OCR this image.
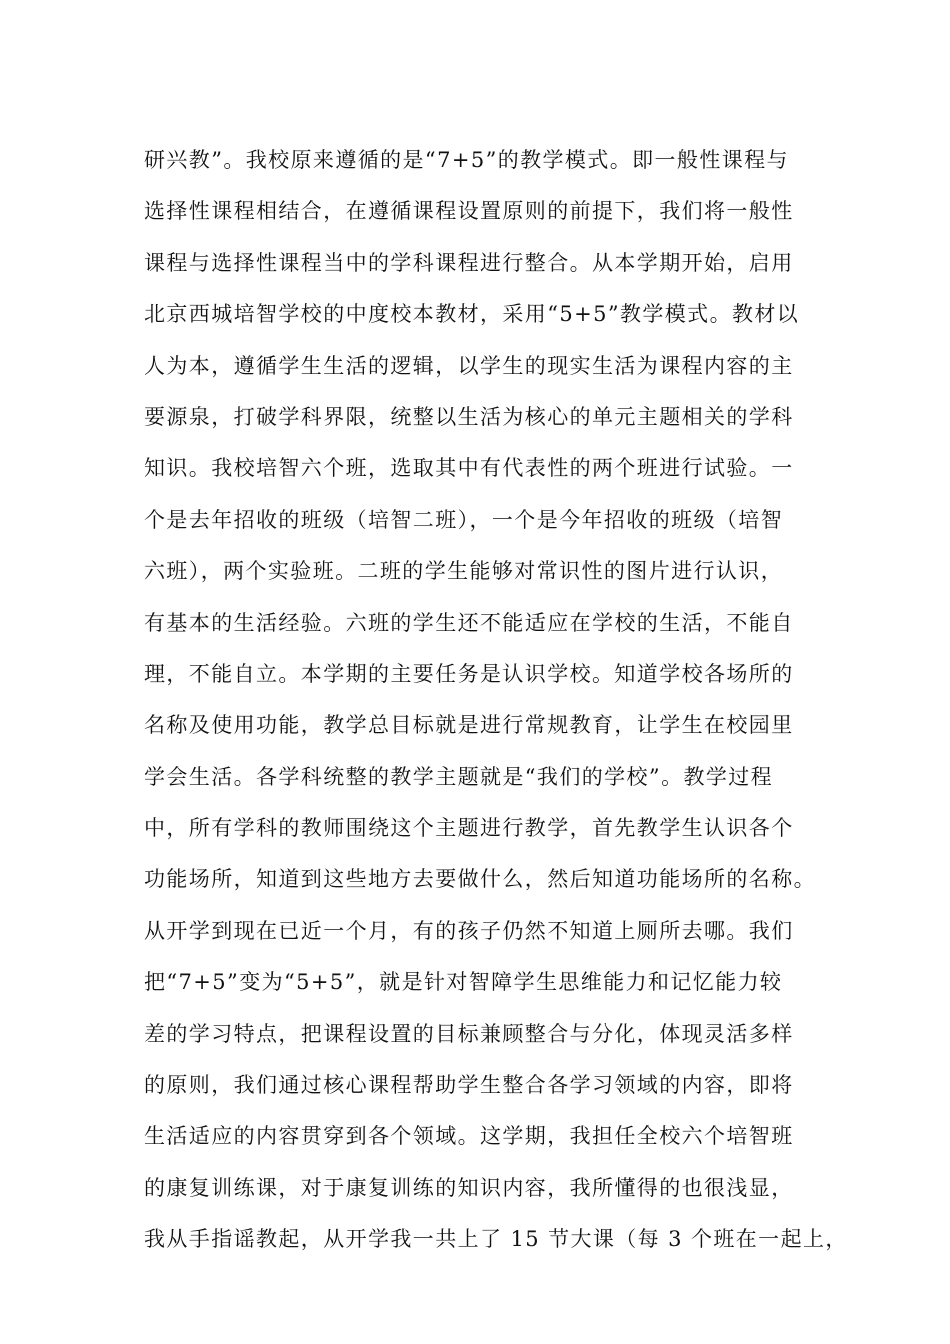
研兴教”。我校原来遵循的是“7+5”的教学模式。即一般性课程与
选择性课程相结合，在遵循课程设置原则的前提下，我们将一般性
课程与选择性课程当中的学科课程进行整合。从本学期开始，启用
北京西城培智学校的中度校本教材，采用“5+5”教学模式。教材以
人为本，遵循学生生活的逻辑，以学生的现实生活为课程内容的主
要源泉，打破学科界限，统整以生活为核心的单元主题相关的学科
知识。我校培智六个班，选取其中有代表性的两个班进行试验。一
个是去年招收的班级（培智二班），一个是今年招收的班级（培智
六班），两个实验班。二班的学生能够对常识性的图片进行认识，
有基本的生活经验。六班的学生还不能适应在学校的生活，不能自
理，不能自立。本学期的主要任务是认识学校。知道学校各场所的
名称及使用功能，教学总目标就是进行常规教育，让学生在校园里
学会生活。各学科统整的教学主题就是“我们的学校”。教学过程
中，所有学科的教师围绕这个主题进行教学，首先教学生认识各个
功能场所，知道到这些地方去要做什么，然后知道功能场所的名称。
从开学到现在已近一个月，有的孩子仍然不知道上厕所去哪。我们
把“7+5”变为“5+5”，就是针对智障学生思维能力和记忆能力较
差的学习特点，把课程设置的目标兼顾整合与分化，体现灵活多样
的原则，我们通过核心课程帮助学生整合各学习领域的内容，即将
生活适应的内容贯穿到各个领域。这学期，我担任全校六个培智班
的康复训练课，对于康复训练的知识内容，我所懂得的也很浅显，
我从手指谣教起，从开学我一共上了 15 节大课（每 3 个班在一起上，
